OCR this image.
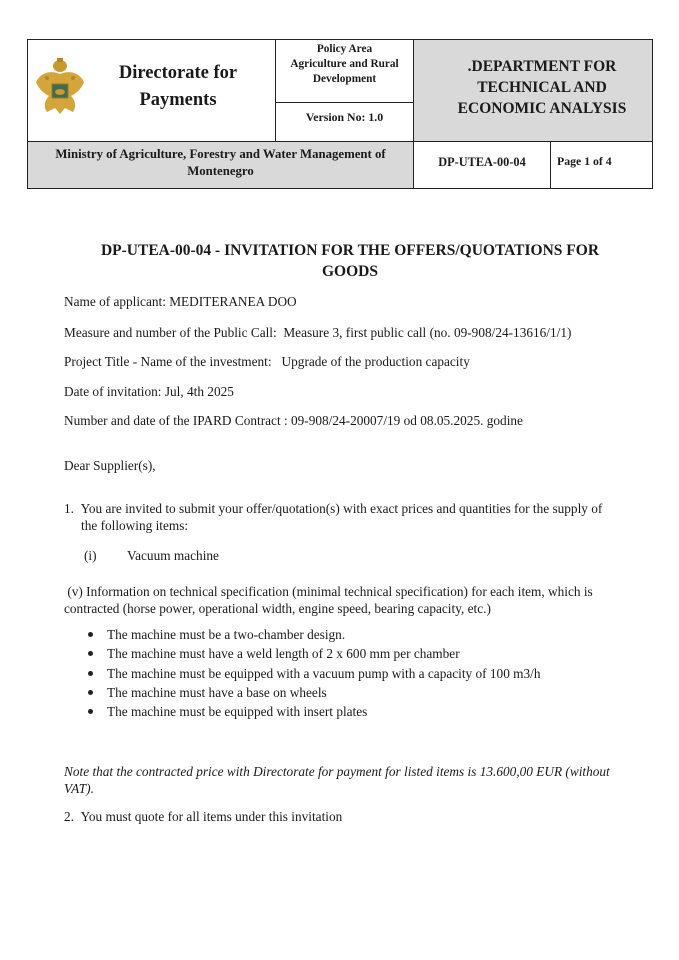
Directorate for
Payments
Policy Area
Agriculture and Rural
Development
Version No: 1.0
.DEPARTMENT FOR
TECHNICAL AND
ECONOMIC ANALYSIS
Ministry of Agriculture, Forestry and Water Management of
Montenegro
DP-UTEA-00-04	Page 1 of 4
DP-UTEA-00-04 - INVITATION FOR THE OFFERS/QUOTATIONS FOR
GOODS
Name of applicant: MEDITERANEA DOO
Measure and number of the Public Call: Measure 3, first public call (no. 09-908/24-13616/1/1)
Project Title - Name of the investment: Upgrade of the production capacity
Date of invitation: Jul, 4th 2025
Number and date of the IPARD Contract : 09-908/24-20007/19 od 08.05.2025. godine
Dear Supplier(s),
1. You are invited to submit your offer/quotation(s) with exact prices and quantities for the supply of
the following items:
(i) Vacuum machine
(v) Information on technical specification (minimal technical specification) for each item, which is
contracted (horse power, operational width, engine speed, bearing capacity, etc.)
The machine must be a two-chamber design.
The machine must have a weld length of 2 x 600 mm per chamber
The machine must be equipped with a vacuum pump with a capacity of 100 m3/h
The machine must have a base on wheels
The machine must be equipped with insert plates
Note that the contracted price with Directorate for payment for listed items is 13.600,00 EUR (without
VAT).
2. You must quote for all items under this invitation
